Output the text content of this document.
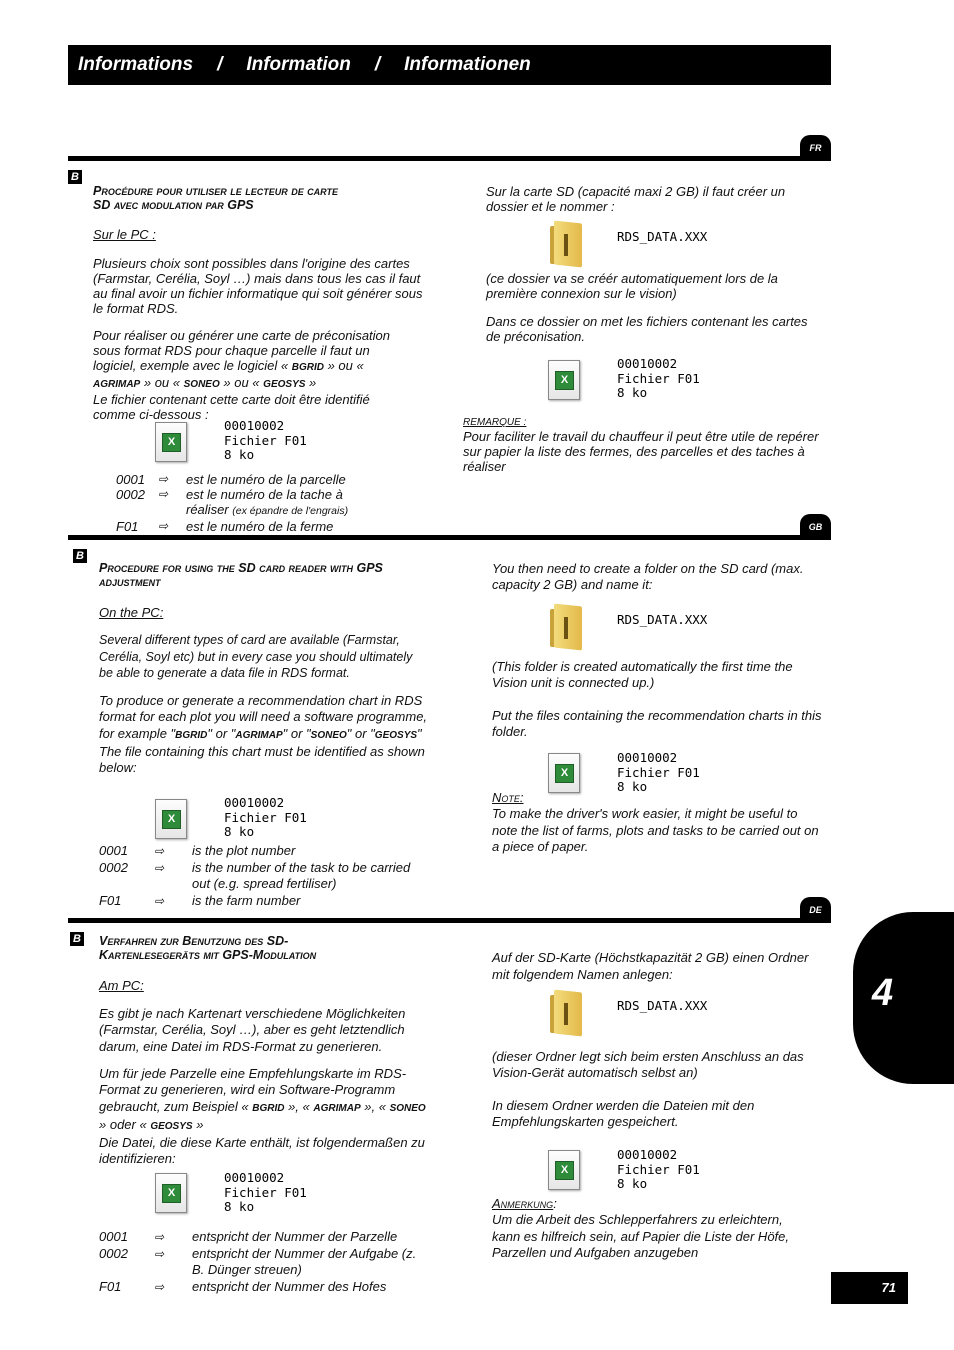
Informations / Information / Informationen
FR
B
Procédure pour utiliser le lecteur de carte SD avec modulation par GPS
Sur le PC :
Plusieurs choix sont possibles dans l'origine des cartes (Farmstar, Cerélia, Soyl …) mais dans tous les cas il faut au final avoir un fichier informatique qui soit générer sous le format RDS.
Pour réaliser ou générer une carte de préconisation sous format RDS pour chaque parcelle il faut un logiciel, exemple avec le logiciel « BGRID » ou « AGRIMAP » ou « SONEO » ou « GEOSYS »

Le fichier contenant cette carte doit être identifié comme ci-dessous :

X
00010002
Fichier F01
8 ko
0001	⇨	est le numéro de la parcelle
0002	⇨	est le numéro de la tache à réaliser (ex épandre de l'engrais)
F01	⇨	est le numéro de la ferme
Sur la carte SD (capacité maxi 2 GB) il faut créer un dossier et le nommer :
RDS_DATA.XXX
(ce dossier va se créér automatiquement lors de la première connexion sur le vision)
Dans ce dossier on met les fichiers contenant les cartes de préconisation.
X
00010002
Fichier F01
8 ko
REMARQUE :
Pour faciliter le travail du chauffeur il peut être utile de repérer sur papier la liste des fermes, des parcelles et des taches à réaliser
GB
B
Procedure for using the SD card reader with GPS adjustment
On the PC:
Several different types of card are available (Farmstar, Cerélia, Soyl etc) but in every case you should ultimately be able to generate a data file in RDS format.
To produce or generate a recommendation chart in RDS format for each plot you will need a software programme, for example "BGRID" or "AGRIMAP" or "SONEO" or "GEOSYS"

The file containing this chart must be identified as shown below:

X
00010002
Fichier F01
8 ko
0001	⇨	is the plot number
0002	⇨	is the number of the task to be carried out (e.g. spread fertiliser)
F01	⇨	is the farm number
You then need to create a folder on the SD card (max. capacity 2 GB) and name it:
RDS_DATA.XXX
(This folder is created automatically the first time the Vision unit is connected up.)
Put the files containing the recommendation charts in this folder.
X
00010002
Fichier F01
8 ko
Note:
To make the driver's work easier, it might be useful to note the list of farms, plots and tasks to be carried out on a piece of paper.
DE
B Verfahren zur Benutzung des SD-Kartenlesegeräts mit GPS-Modulation
Am PC:
Es gibt je nach Kartenart verschiedene Möglichkeiten (Farmstar, Cerélia, Soyl …), aber es geht letztendlich darum, eine Datei im RDS-Format zu generieren.
Um für jede Parzelle eine Empfehlungskarte im RDS-Format zu generieren, wird ein Software-Programm gebraucht, zum Beispiel « BGRID », « AGRIMAP », « SONEO » oder « GEOSYS »

Die Datei, die diese Karte enthält, ist folgendermaßen zu identifizieren:

X
00010002
Fichier F01
8 ko
0001	⇨	entspricht der Nummer der Parzelle
0002	⇨	entspricht der Nummer der Aufgabe (z. B. Dünger streuen)
F01	⇨	entspricht der Nummer des Hofes
Auf der SD-Karte (Höchstkapazität 2 GB) einen Ordner mit folgendem Namen anlegen:
RDS_DATA.XXX
(dieser Ordner legt sich beim ersten Anschluss an das Vision-Gerät automatisch selbst an)
In diesem Ordner werden die Dateien mit den Empfehlungskarten gespeichert.
X
00010002
Fichier F01
8 ko
Anmerkung:
Um die Arbeit des Schlepperfahrers zu erleichtern, kann es hilfreich sein, auf Papier die Liste der Höfe, Parzellen und Aufgaben anzugeben
4
71
